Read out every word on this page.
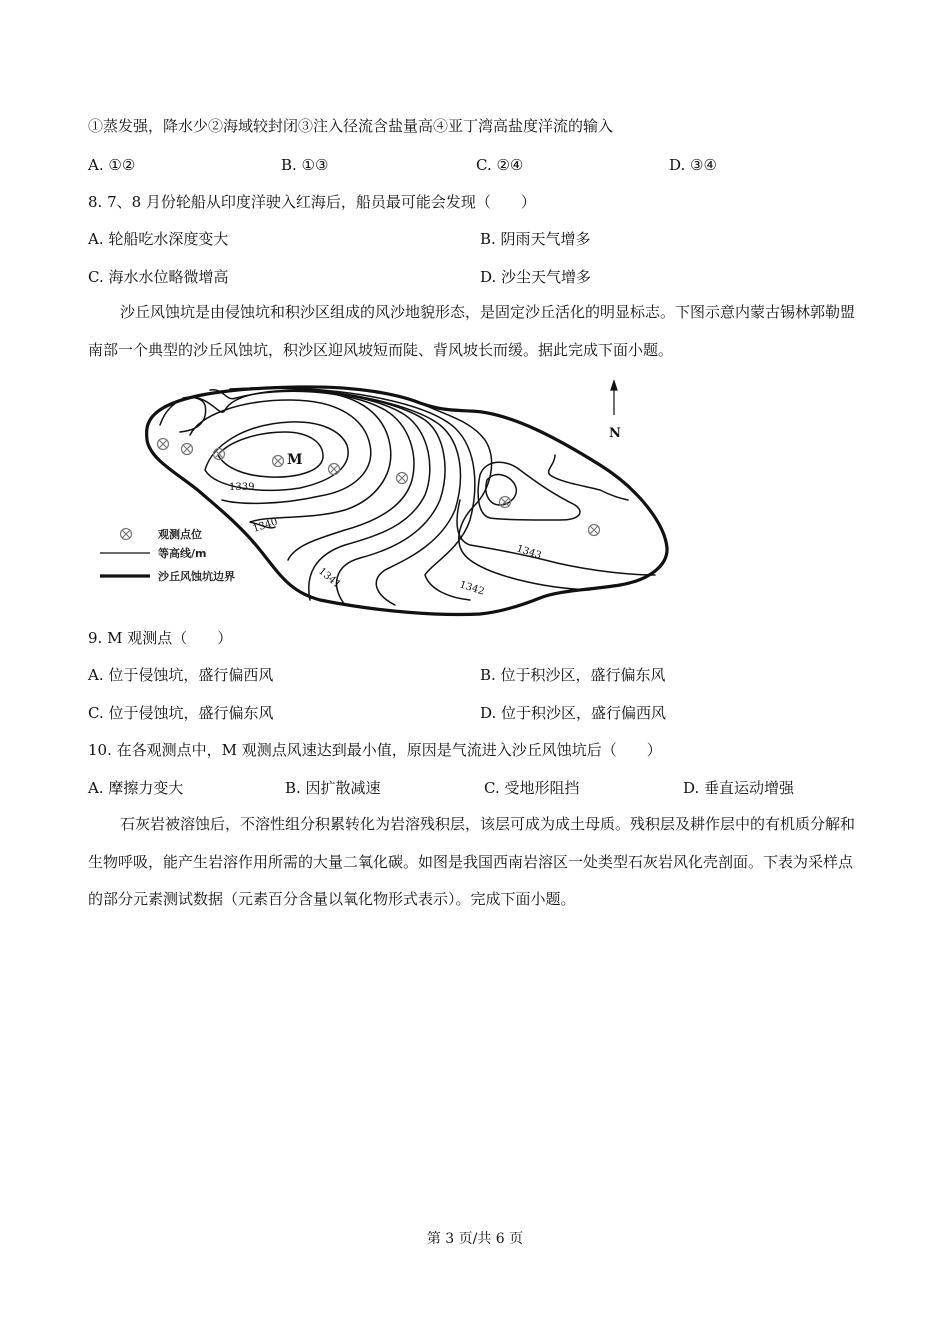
①蒸发强，降水少②海域较封闭③注入径流含盐量高④亚丁湾高盐度洋流的输入
A. ①②	B. ①③	C. ②④	D. ③④
8. 7、8 月份轮船从印度洋驶入红海后，船员最可能会发现（　　）
A. 轮船吃水深度变大	B. 阴雨天气增多
C. 海水水位略微增高	D. 沙尘天气增多
沙丘风蚀坑是由侵蚀坑和积沙区组成的风沙地貌形态，是固定沙丘活化的明显标志。下图示意内蒙古锡林郭勒盟南部一个典型的沙丘风蚀坑，积沙区迎风坡短而陡、背风坡长而缓。据此完成下面小题。
M
1339
1340
1341	1342
1343
N
观测点位
等高线/m
沙丘风蚀坑边界
9. M 观测点（　　）
A. 位于侵蚀坑，盛行偏西风	B. 位于积沙区，盛行偏东风
C. 位于侵蚀坑，盛行偏东风	D. 位于积沙区，盛行偏西风
10. 在各观测点中，M 观测点风速达到最小值，原因是气流进入沙丘风蚀坑后（　　）
A. 摩擦力变大	B. 因扩散减速	C. 受地形阻挡	D. 垂直运动增强
石灰岩被溶蚀后，不溶性组分积累转化为岩溶残积层，该层可成为成土母质。残积层及耕作层中的有机质分解和生物呼吸，能产生岩溶作用所需的大量二氧化碳。如图是我国西南岩溶区一处类型石灰岩风化壳剖面。下表为采样点的部分元素测试数据（元素百分含量以氧化物形式表示）。完成下面小题。
第 3 页/共 6 页
